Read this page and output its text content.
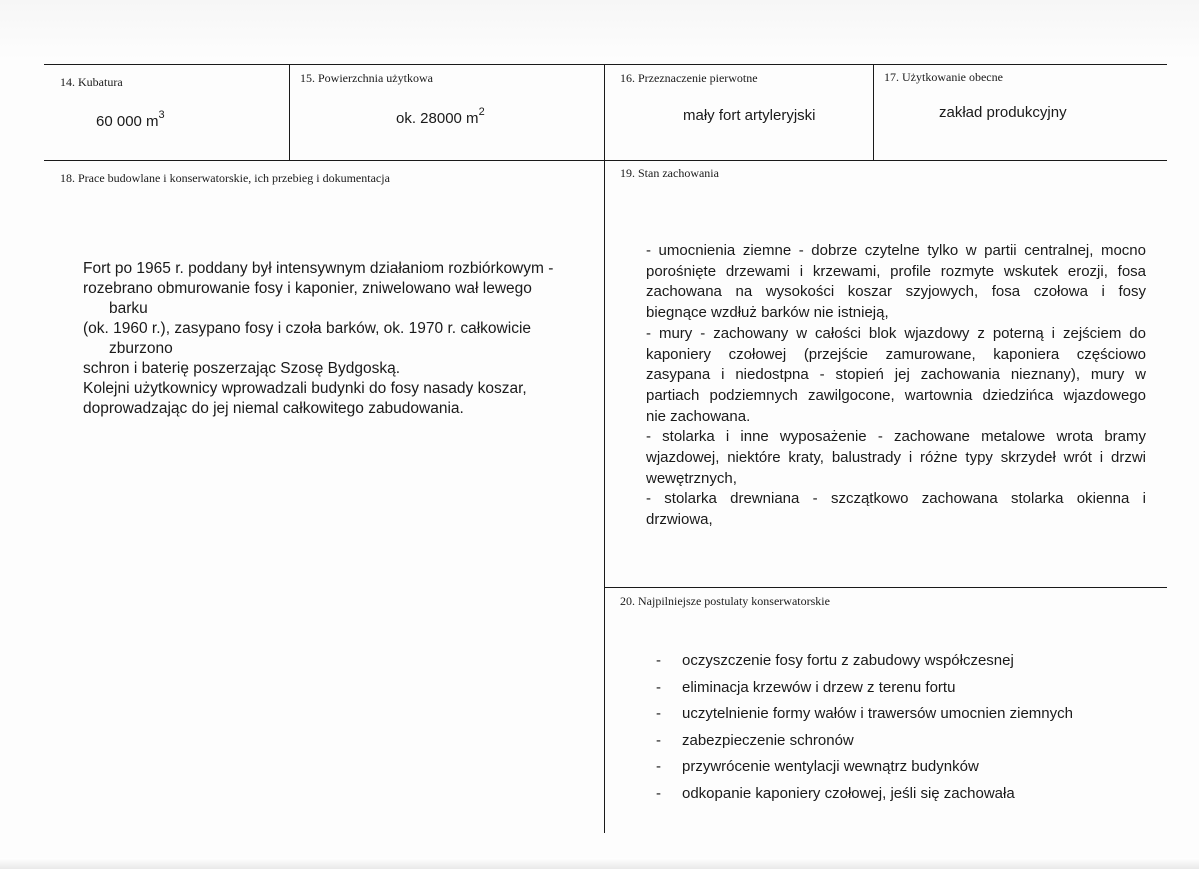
14. Kubatura
60 000 $m^3$
15. Powierzchnia użytkowa
ok. 28000 $m^2$
16. Przeznaczenie pierwotne
mały fort artyleryjski
17. Użytkowanie obecne
zakład produkcyjny
18. Prace budowlane i konserwatorskie, ich przebieg i dokumentacja
Fort po 1965 r. poddany był intensywnym działaniom rozbiórkowym -
rozebrano obmurowanie fosy i kaponier, zniwelowano wał lewego
barku
(ok. 1960 r.), zasypano fosy i czoła barków, ok. 1970 r. całkowicie
zburzono
schron i baterię poszerzając Szosę Bydgoską.
Kolejni użytkownicy wprowadzali budynki do fosy nasady koszar,
doprowadzając do jej niemal całkowitego zabudowania.
19. Stan zachowania
- umocnienia ziemne - dobrze czytelne tylko w partii centralnej, mocno
porośnięte drzewami i krzewami, profile rozmyte wskutek erozji, fosa
zachowana na wysokości koszar szyjowych, fosa czołowa i fosy
biegnące wzdłuż barków nie istnieją,
- mury - zachowany w całości blok wjazdowy z poterną i zejściem do
kaponiery czołowej (przejście zamurowane, kaponiera częściowo
zasypana i niedostpna - stopień jej zachowania nieznany), mury w
partiach podziemnych zawilgocone, wartownia dziedzińca wjazdowego
nie zachowana.
- stolarka i inne wyposażenie - zachowane metalowe wrota bramy
wjazdowej, niektóre kraty, balustrady i różne typy skrzydeł wrót i drzwi
wewętrznych,
- stolarka drewniana - szczątkowo zachowana stolarka okienna i
drzwiowa,
20. Najpilniejsze postulaty konserwatorskie
- oczyszczenie fosy fortu z zabudowy współczesnej
- eliminacja krzewów i drzew z terenu fortu
- uczytelnienie formy wałów i trawersów umocnien ziemnych
- zabezpieczenie schronów
- przywrócenie wentylacji wewnątrz budynków
- odkopanie kaponiery czołowej, jeśli się zachowała
